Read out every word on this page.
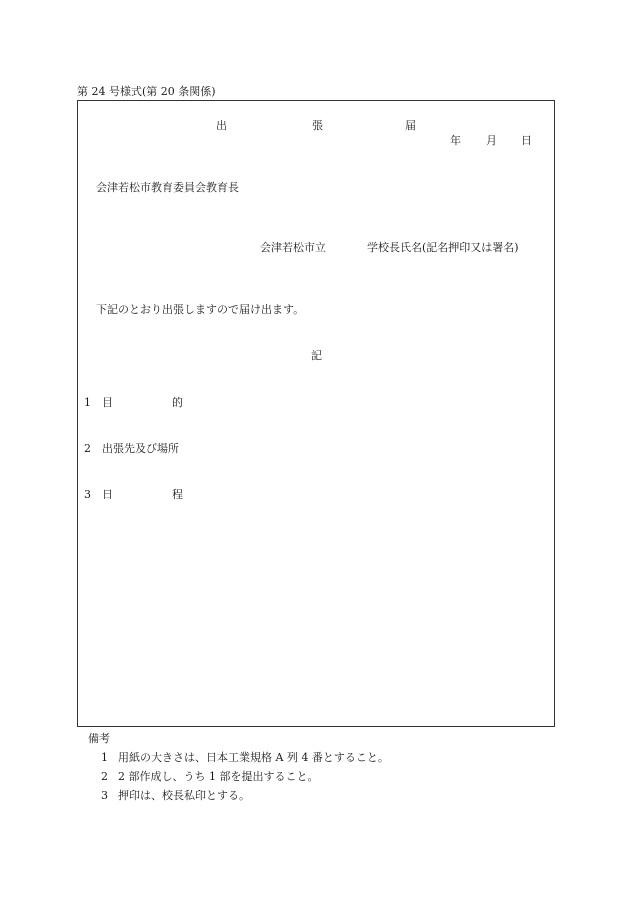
第 24 号様式(第 20 条関係)
出	張	届
年 月 日
会津若松市教育委員会教育長
会津若松市立	学校長氏名(記名押印又は署名)
下記のとおり出張しますので届け出ます。
記
1 目	的
2 出張先及び場所
3 日	程
備考
1 用紙の大きさは、日本工業規格 A 列 4 番とすること。
2 2 部作成し、うち 1 部を提出すること。
3 押印は、校長私印とする。
